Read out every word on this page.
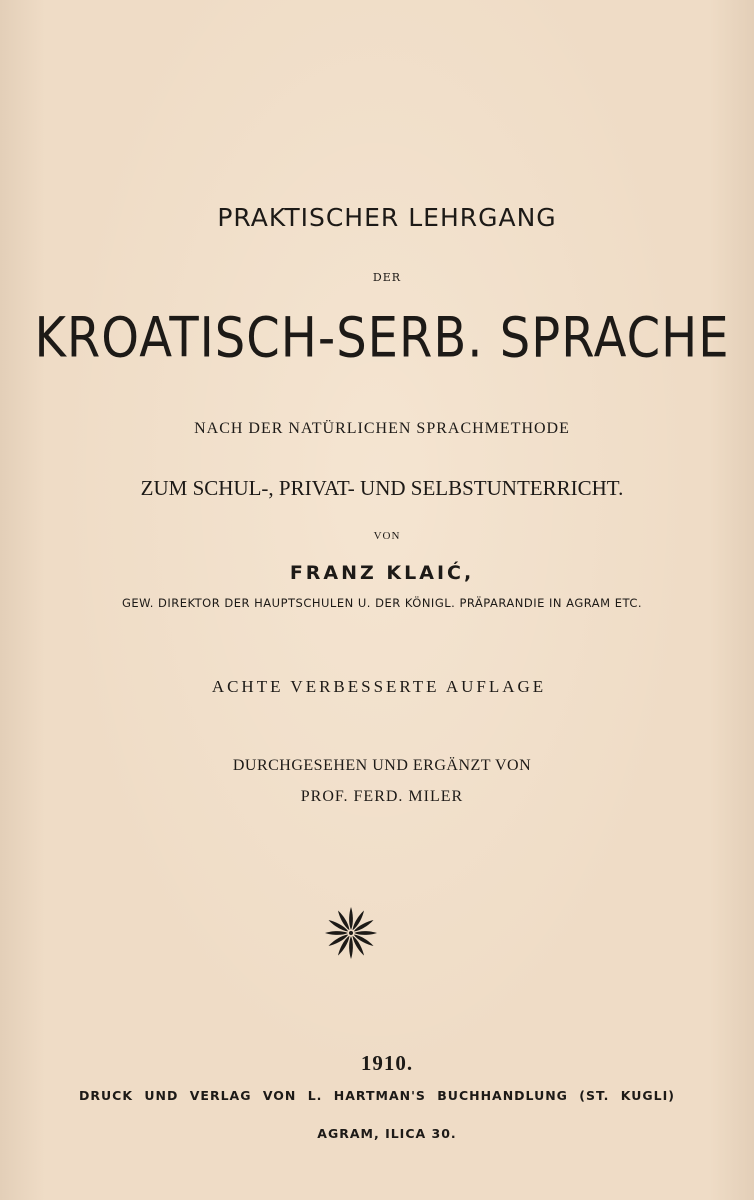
PRAKTISCHER LEHRGANG
DER
KROATISCH-SERB. SPRACHE
NACH DER NATÜRLICHEN SPRACHMETHODE
ZUM SCHUL-, PRIVAT- UND SELBSTUNTERRICHT.
VON
FRANZ KLAIĆ,
GEW. DIREKTOR DER HAUPTSCHULEN U. DER KÖNIGL. PRÄPARANDIE IN AGRAM ETC.
ACHTE VERBESSERTE AUFLAGE
DURCHGESEHEN UND ERGÄNZT VON
PROF. FERD. MILER
1910.
DRUCK UND VERLAG VON L. HARTMAN'S BUCHHANDLUNG (ST. KUGLI)
AGRAM, ILICA 30.
